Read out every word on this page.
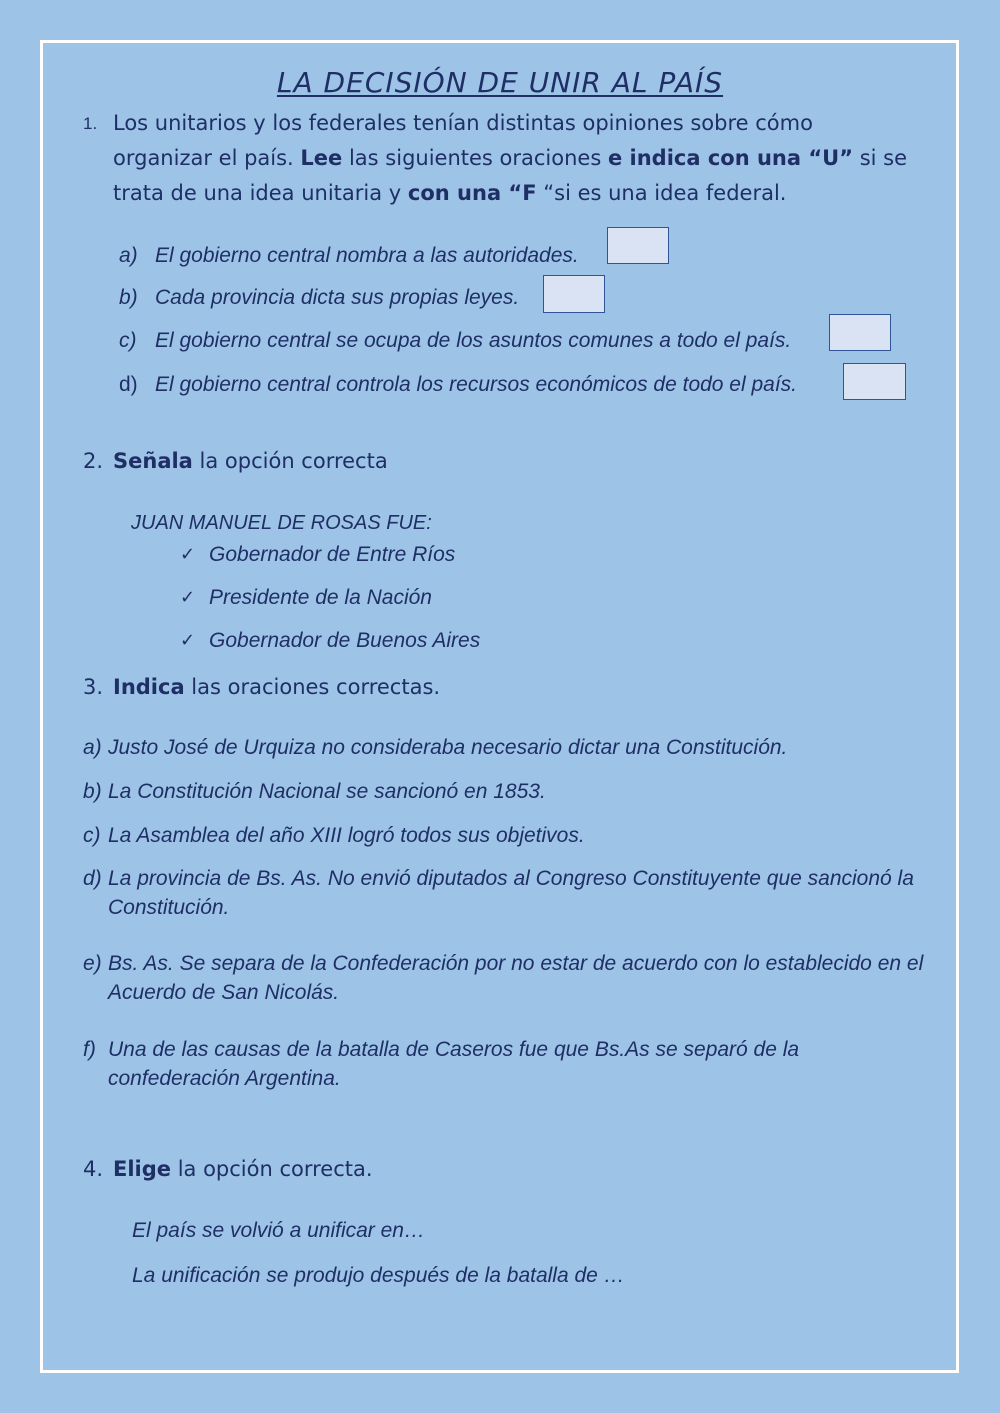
LA DECISIÓN DE UNIR AL PAÍS
1. Los unitarios y los federales tenían distintas opiniones sobre cómo
organizar el país. Lee las siguientes oraciones e indica con una “U” si se
trata de una idea unitaria y con una “F “si es una idea federal.
a) El gobierno central nombra a las autoridades.
b) Cada provincia dicta sus propias leyes.
c) El gobierno central se ocupa de los asuntos comunes a todo el país.
d) El gobierno central controla los recursos económicos de todo el país.
2. Señala la opción correcta
JUAN MANUEL DE ROSAS FUE:
✓ Gobernador de Entre Ríos
✓ Presidente de la Nación
✓ Gobernador de Buenos Aires
3. Indica las oraciones correctas.
a) Justo José de Urquiza no consideraba necesario dictar una Constitución.
b) La Constitución Nacional se sancionó en 1853.
c) La Asamblea del año XIII logró todos sus objetivos.
d) La provincia de Bs. As. No envió diputados al Congreso Constituyente que sancionó la
Constitución.
e) Bs. As. Se separa de la Confederación por no estar de acuerdo con lo establecido en el
Acuerdo de San Nicolás.
f) Una de las causas de la batalla de Caseros fue que Bs.As se separó de la
confederación Argentina.
4. Elige la opción correcta.
El país se volvió a unificar en…
La unificación se produjo después de la batalla de …
